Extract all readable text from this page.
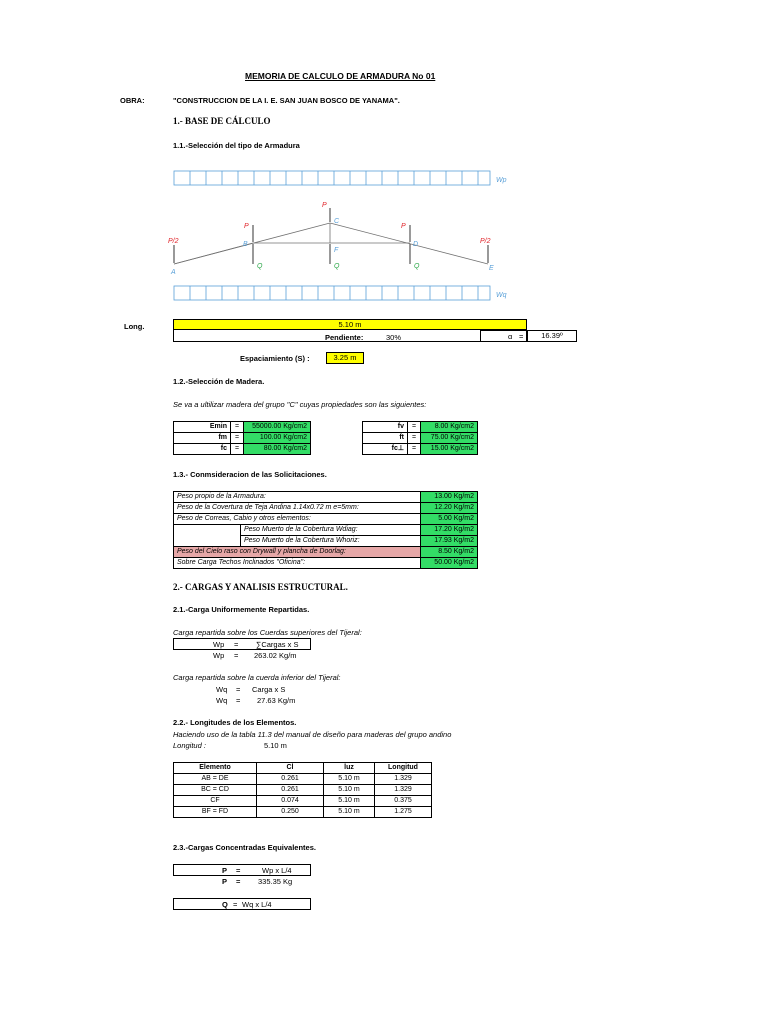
MEMORIA DE CALCULO DE ARMADURA No 01
OBRA:	"CONSTRUCCION DE LA I. E. SAN JUAN BOSCO DE YANAMA".
1.- BASE DE CÁLCULO
1.1.-Selección del tipo de Armadura
Wp
Wq
P
P
P
P/2	P/2
Q	Q	Q
A
B
C
D
E
F
Long.	5.10 m
Pendiente:	30%	α =	16.39º
Espaciamiento (S) :	3.25 m
1.2.-Selección de Madera.
Se va a ultilizar madera del grupo "C" cuyas propiedades son las siguientes:
Emin	=	55000.00 Kg/cm2
fm	=	100.00 Kg/cm2
fc	=	80.00 Kg/cm2
fv	=	8.00 Kg/cm2
ft	=	75.00 Kg/cm2
fc⊥	=	15.00 Kg/cm2
1.3.- Conmsideracion de las Solicitaciones.
Peso propio de la Armadura:		13.00 Kg/m2
Peso de la Covertura de Teja Andina 1.14x0.72 m e=5mm:		12.20 Kg/m2
Peso de Correas, Cabio y otros elementos:		5.00 Kg/m2
	Peso Muerto de la Cobertura Wdiag:	17.20 Kg/m2
	Peso Muerto de la Cobertura Whoriz:	17.93 Kg/m2
Peso del Cielo raso con Drywall y plancha de Doorlag:		8.50 Kg/m2
Sobre Carga Techos Inclinados "Oficina":		50.00 Kg/m2
2.- CARGAS Y ANALISIS ESTRUCTURAL.
2.1.-Carga Uniformemente Repartidas.
Carga repartida sobre los Cuerdas superiores del Tijeral:
Wp = ∑Cargas x S
Wp = 263.02 Kg/m
Carga repartida sobre la cuerda inferior del Tijeral:
Wq = Carga x S
Wq = 27.63 Kg/m
2.2.- Longitudes de los Elementos.
Haciendo uso de la tabla 11.3 del manual de diseño para maderas del grupo andino
Longitud :	5.10 m
Elemento	Cl	luz	Longitud
AB = DE	0.261	5.10 m	1.329
BC = CD	0.261	5.10 m	1.329
CF	0.074	5.10 m	0.375
BF = FD	0.250	5.10 m	1.275
2.3.-Cargas Concentradas Equivalentes.
P =	Wp x L/4
P = 335.35 Kg
Q = Wq x L/4
